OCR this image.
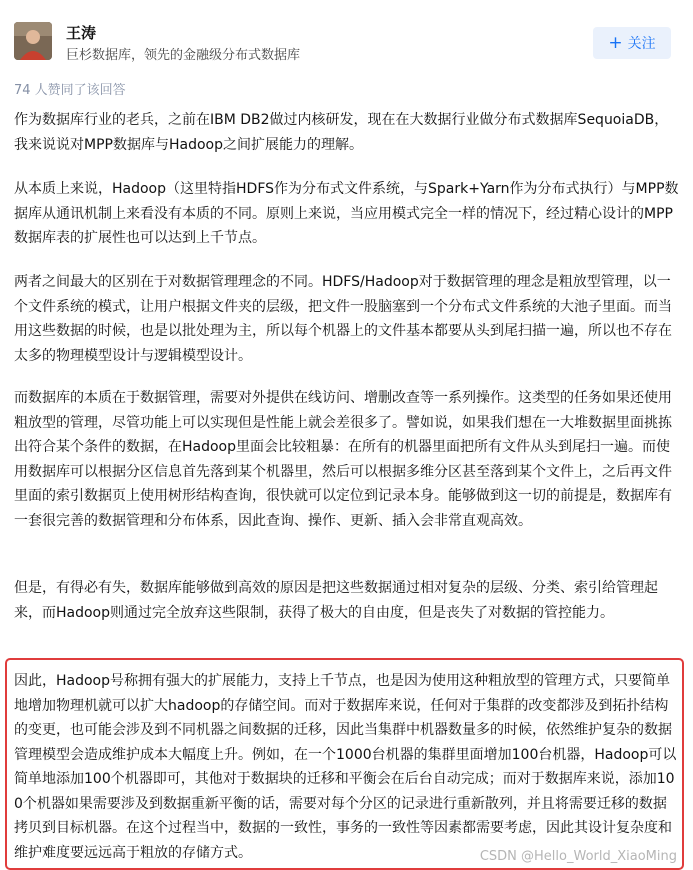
王涛
巨杉数据库，领先的金融级分布式数据库
+ 关注
74 人赞同了该回答

作为数据库行业的老兵，之前在IBM DB2做过内核研发，现在在大数据行业做分布式数据库SequoiaDB，我来说说对MPP数据库与Hadoop之间扩展能力的理解。

从本质上来说，Hadoop（这里特指HDFS作为分布式文件系统，与Spark+Yarn作为分布式执行）与MPP数据库从通讯机制上来看没有本质的不同。原则上来说，当应用模式完全一样的情况下，经过精心设计的MPP数据库表的扩展性也可以达到上千节点。

两者之间最大的区别在于对数据管理理念的不同。HDFS/Hadoop对于数据管理的理念是粗放型管理，以一个文件系统的模式，让用户根据文件夹的层级，把文件一股脑塞到一个分布式文件系统的大池子里面。而当用这些数据的时候，也是以批处理为主，所以每个机器上的文件基本都要从头到尾扫描一遍，所以也不存在太多的物理模型设计与逻辑模型设计。

而数据库的本质在于数据管理，需要对外提供在线访问、增删改查等一系列操作。这类型的任务如果还使用粗放型的管理，尽管功能上可以实现但是性能上就会差很多了。譬如说，如果我们想在一大堆数据里面挑拣出符合某个条件的数据，在Hadoop里面会比较粗暴：在所有的机器里面把所有文件从头到尾扫一遍。而使用数据库可以根据分区信息首先落到某个机器里，然后可以根据多维分区甚至落到某个文件上，之后再文件里面的索引数据页上使用树形结构查询，很快就可以定位到记录本身。能够做到这一切的前提是，数据库有一套很完善的数据管理和分布体系，因此查询、操作、更新、插入会非常直观高效。

但是，有得必有失，数据库能够做到高效的原因是把这些数据通过相对复杂的层级、分类、索引给管理起来，而Hadoop则通过完全放弃这些限制，获得了极大的自由度，但是丧失了对数据的管控能力。

因此，Hadoop号称拥有强大的扩展能力，支持上千节点，也是因为使用这种粗放型的管理方式，只要简单地增加物理机就可以扩大hadoop的存储空间。而对于数据库来说，任何对于集群的改变都涉及到拓扑结构的变更，也可能会涉及到不同机器之间数据的迁移，因此当集群中机器数量多的时候，依然维护复杂的数据管理模型会造成维护成本大幅度上升。例如，在一个1000台机器的集群里面增加100台机器，Hadoop可以简单地添加100个机器即可，其他对于数据块的迁移和平衡会在后台自动完成；而对于数据库来说，添加100个机器如果需要涉及到数据重新平衡的话，需要对每个分区的记录进行重新散列，并且将需要迁移的数据拷贝到目标机器。在这个过程当中，数据的一致性，事务的一致性等因素都需要考虑，因此其设计复杂度和维护难度要远远高于粗放的存储方式。	CSDN @Hello_World_XiaoMing
